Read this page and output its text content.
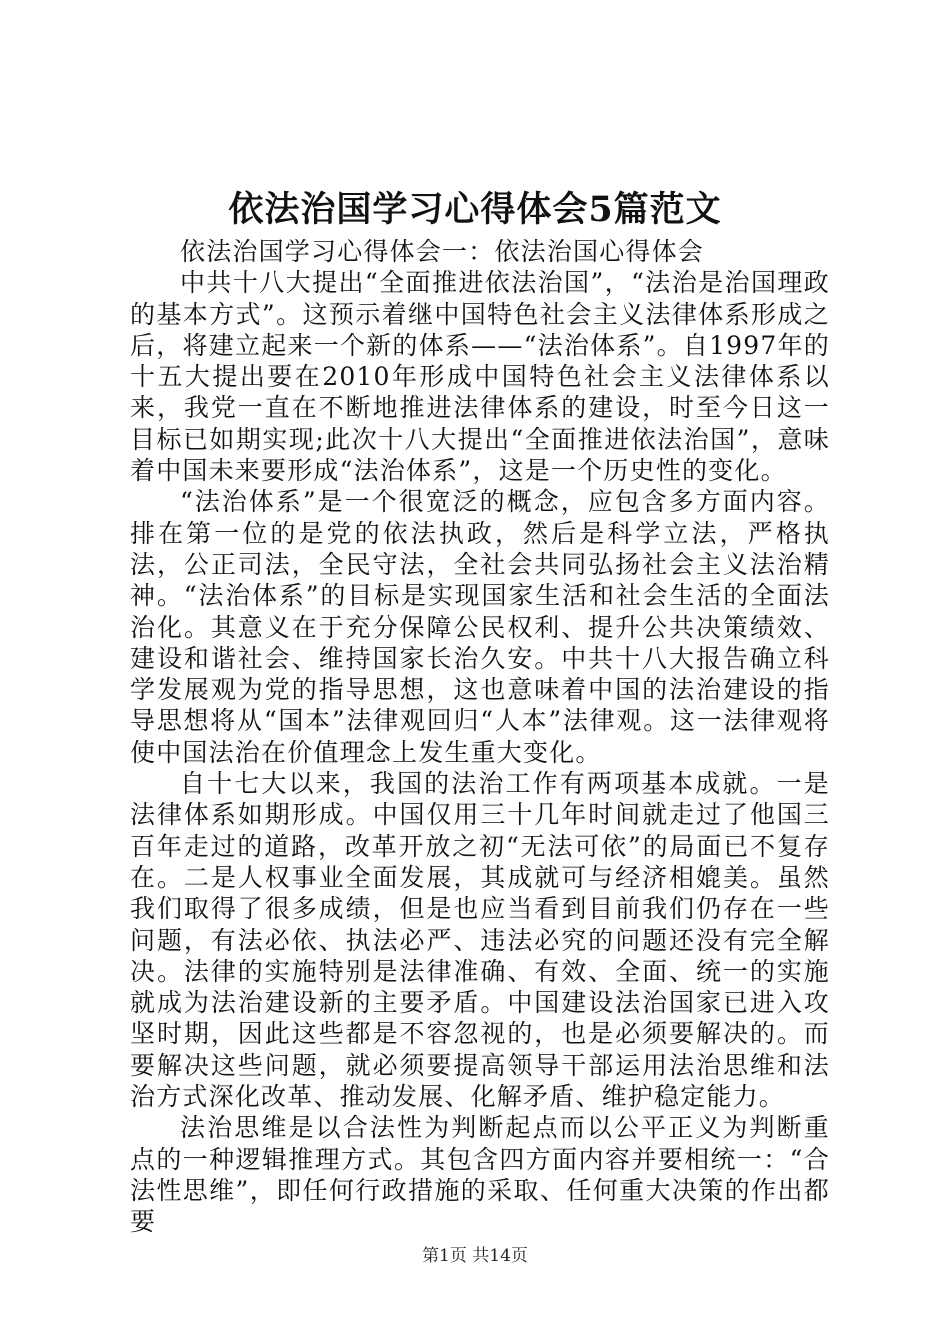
依法治国学习心得体会5篇范文

依法治国学习心得体会一：依法治国心得体会

中共十八大提出“全面推进依法治国”，“法治是治国理政的基本方式”。这预示着继中国特色社会主义法律体系形成之后，将建立起来一个新的体系——“法治体系”。自1997年的十五大提出要在2010年形成中国特色社会主义法律体系以来，我党一直在不断地推进法律体系的建设，时至今日这一目标已如期实现;此次十八大提出“全面推进依法治国”，意味着中国未来要形成“法治体系”，这是一个历史性的变化。

“法治体系”是一个很宽泛的概念，应包含多方面内容。排在第一位的是党的依法执政，然后是科学立法，严格执法，公正司法，全民守法，全社会共同弘扬社会主义法治精神。“法治体系”的目标是实现国家生活和社会生活的全面法治化。其意义在于充分保障公民权利、提升公共决策绩效、建设和谐社会、维持国家长治久安。中共十八大报告确立科学发展观为党的指导思想，这也意味着中国的法治建设的指导思想将从“国本”法律观回归“人本”法律观。这一法律观将使中国法治在价值理念上发生重大变化。

自十七大以来，我国的法治工作有两项基本成就。一是法律体系如期形成。中国仅用三十几年时间就走过了他国三百年走过的道路，改革开放之初“无法可依”的局面已不复存在。二是人权事业全面发展，其成就可与经济相媲美。虽然我们取得了很多成绩，但是也应当看到目前我们仍存在一些问题，有法必依、执法必严、违法必究的问题还没有完全解决。法律的实施特别是法律准确、有效、全面、统一的实施就成为法治建设新的主要矛盾。中国建设法治国家已进入攻坚时期，因此这些都是不容忽视的，也是必须要解决的。而要解决这些问题，就必须要提高领导干部运用法治思维和法治方式深化改革、推动发展、化解矛盾、维护稳定能力。

法治思维是以合法性为判断起点而以公平正义为判断重点的一种逻辑推理方式。其包含四方面内容并要相统一：“合法性思维”，即任何行政措施的采取、任何重大决策的作出都要

第1页 共14页
